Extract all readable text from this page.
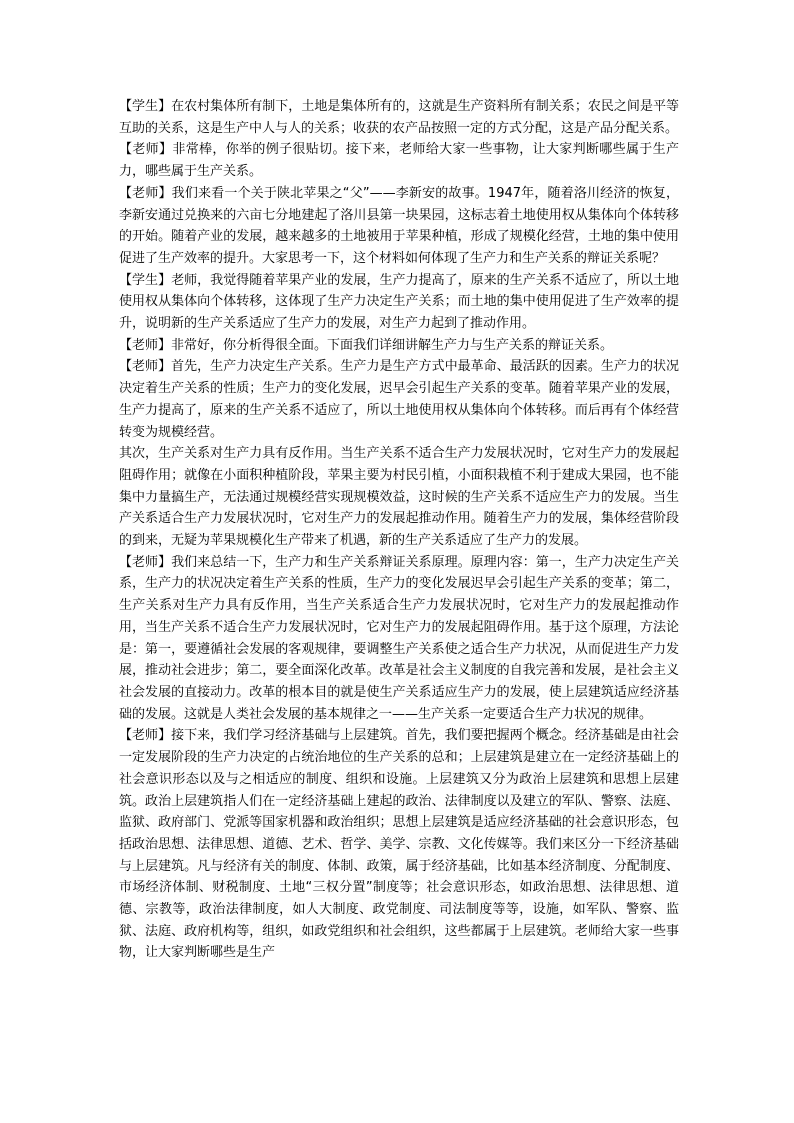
【学生】在农村集体所有制下，土地是集体所有的，这就是生产资料所有制关系；农民之间是平等互助的关系，这是生产中人与人的关系；收获的农产品按照一定的方式分配，这是产品分配关系。

【老师】非常棒，你举的例子很贴切。接下来，老师给大家一些事物，让大家判断哪些属于生产力，哪些属于生产关系。

【老师】我们来看一个关于陕北苹果之“父”——李新安的故事。1947年，随着洛川经济的恢复，李新安通过兑换来的六亩七分地建起了洛川县第一块果园，这标志着土地使用权从集体向个体转移的开始。随着产业的发展，越来越多的土地被用于苹果种植，形成了规模化经营，土地的集中使用促进了生产效率的提升。大家思考一下，这个材料如何体现了生产力和生产关系的辩证关系呢？

【学生】老师，我觉得随着苹果产业的发展，生产力提高了，原来的生产关系不适应了，所以土地使用权从集体向个体转移，这体现了生产力决定生产关系；而土地的集中使用促进了生产效率的提升，说明新的生产关系适应了生产力的发展，对生产力起到了推动作用。

【老师】非常好，你分析得很全面。下面我们详细讲解生产力与生产关系的辩证关系。

【老师】首先，生产力决定生产关系。生产力是生产方式中最革命、最活跃的因素。生产力的状况决定着生产关系的性质；生产力的变化发展，迟早会引起生产关系的变革。随着苹果产业的发展，生产力提高了，原来的生产关系不适应了，所以土地使用权从集体向个体转移。而后再有个体经营转变为规模经营。

其次，生产关系对生产力具有反作用。当生产关系不适合生产力发展状况时，它对生产力的发展起阻碍作用；就像在小面积种植阶段，苹果主要为村民引植，小面积栽植不利于建成大果园，也不能集中力量搞生产，无法通过规模经营实现规模效益，这时候的生产关系不适应生产力的发展。当生产关系适合生产力发展状况时，它对生产力的发展起推动作用。随着生产力的发展，集体经营阶段的到来，无疑为苹果规模化生产带来了机遇，新的生产关系适应了生产力的发展。

【老师】我们来总结一下，生产力和生产关系辩证关系原理。原理内容：第一，生产力决定生产关系，生产力的状况决定着生产关系的性质，生产力的变化发展迟早会引起生产关系的变革；第二，生产关系对生产力具有反作用，当生产关系适合生产力发展状况时，它对生产力的发展起推动作用，当生产关系不适合生产力发展状况时，它对生产力的发展起阻碍作用。基于这个原理，方法论是：第一，要遵循社会发展的客观规律，要调整生产关系使之适合生产力状况，从而促进生产力发展，推动社会进步；第二，要全面深化改革。改革是社会主义制度的自我完善和发展，是社会主义社会发展的直接动力。改革的根本目的就是使生产关系适应生产力的发展，使上层建筑适应经济基础的发展。这就是人类社会发展的基本规律之一——生产关系一定要适合生产力状况的规律。

【老师】接下来，我们学习经济基础与上层建筑。首先，我们要把握两个概念。经济基础是由社会一定发展阶段的生产力决定的占统治地位的生产关系的总和；上层建筑是建立在一定经济基础上的社会意识形态以及与之相适应的制度、组织和设施。上层建筑又分为政治上层建筑和思想上层建筑。政治上层建筑指人们在一定经济基础上建起的政治、法律制度以及建立的军队、警察、法庭、监狱、政府部门、党派等国家机器和政治组织；思想上层建筑是适应经济基础的社会意识形态，包括政治思想、法律思想、道德、艺术、哲学、美学、宗教、文化传媒等。我们来区分一下经济基础与上层建筑。凡与经济有关的制度、体制、政策，属于经济基础，比如基本经济制度、分配制度、市场经济体制、财税制度、土地“三权分置”制度等；社会意识形态，如政治思想、法律思想、道德、宗教等，政治法律制度，如人大制度、政党制度、司法制度等等，设施，如军队、警察、监狱、法庭、政府机构等，组织，如政党组织和社会组织，这些都属于上层建筑。老师给大家一些事物，让大家判断哪些是生产
